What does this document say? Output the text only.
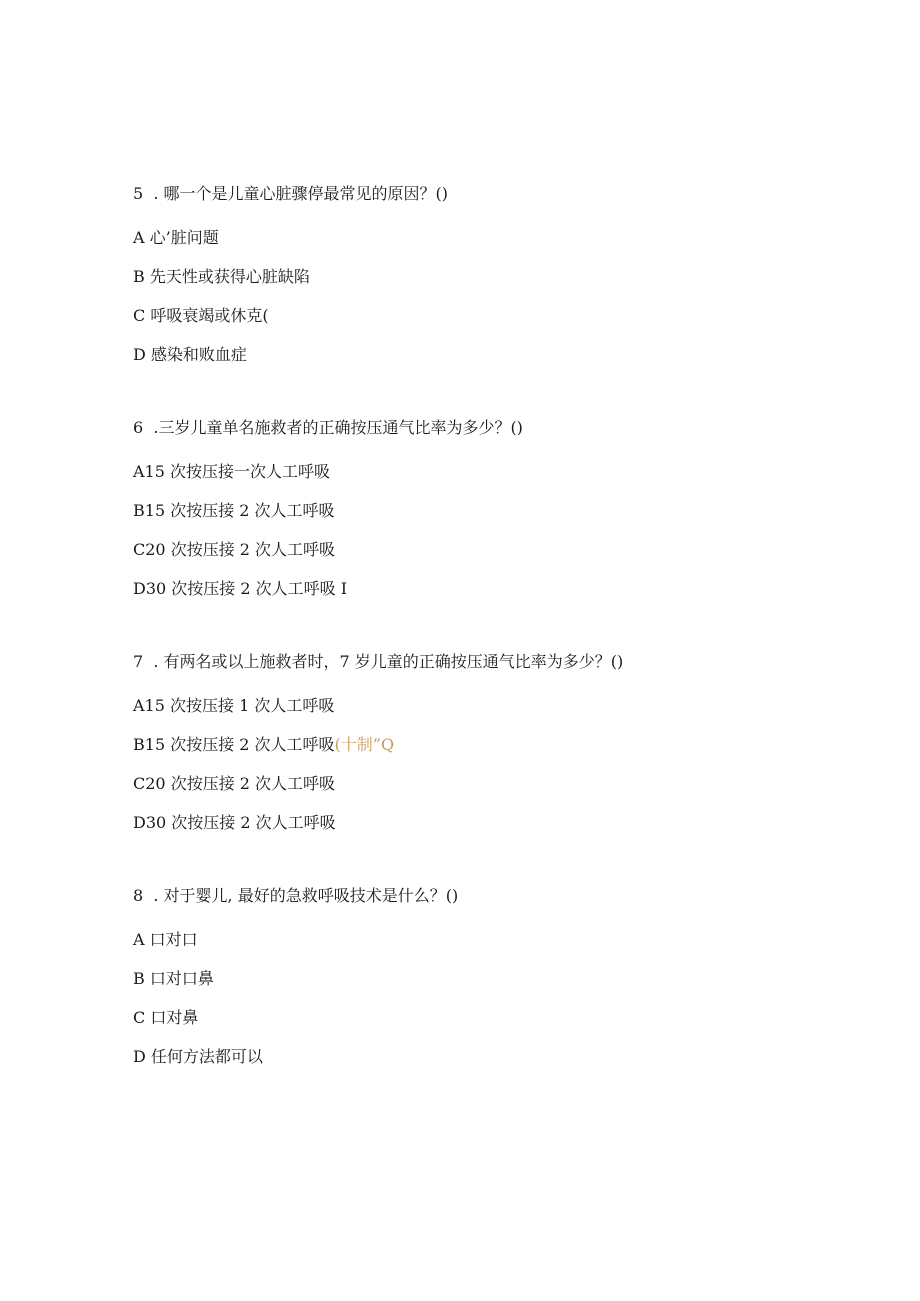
5  . 哪一个是儿童心脏骤停最常见的原因？()
A 心’脏问题
B 先天性或获得心脏缺陷
C 呼吸衰竭或休克(
D 感染和败血症
6  .三岁儿童单名施救者的正确按压通气比率为多少？()
A15 次按压接一次人工呼吸
B15 次按压接 2 次人工呼吸
C20 次按压接 2 次人工呼吸
D30 次按压接 2 次人工呼吸 I
7  . 有两名或以上施救者时，7 岁儿童的正确按压通气比率为多少？()
A15 次按压接 1 次人工呼吸
B15 次按压接 2 次人工呼吸(十制”Q
C20 次按压接 2 次人工呼吸
D30 次按压接 2 次人工呼吸
8  . 对于婴儿, 最好的急救呼吸技术是什么？()
A 口对口
B 口对口鼻
C 口对鼻
D 任何方法都可以
